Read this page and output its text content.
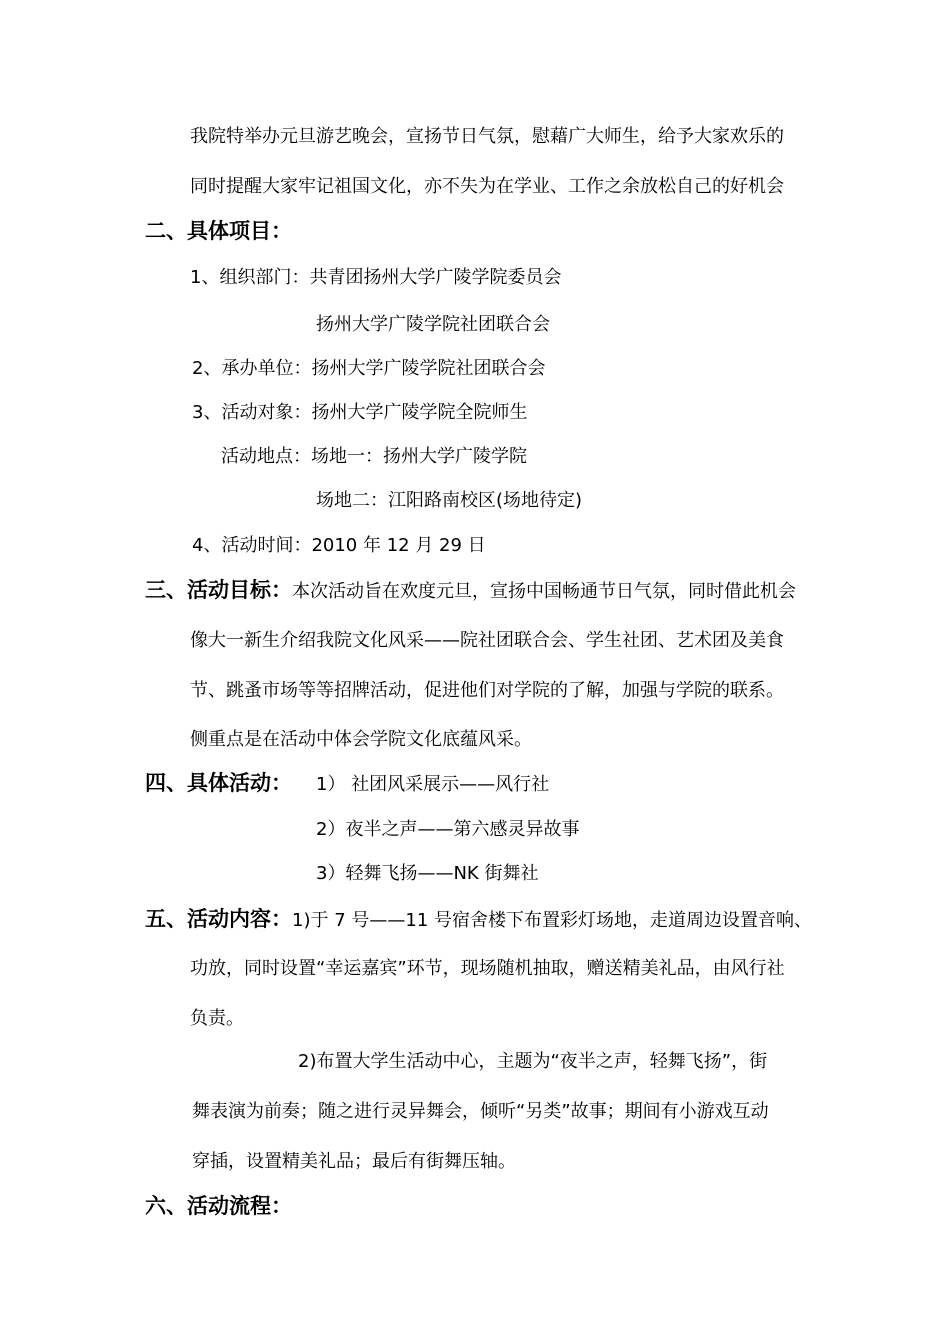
我院特举办元旦游艺晚会，宣扬节日气氛，慰藉广大师生，给予大家欢乐的
同时提醒大家牢记祖国文化，亦不失为在学业、工作之余放松自己的好机会
二、具体项目：
1、组织部门：共青团扬州大学广陵学院委员会
扬州大学广陵学院社团联合会
2、承办单位：扬州大学广陵学院社团联合会
3、活动对象：扬州大学广陵学院全院师生
活动地点：场地一：扬州大学广陵学院
场地二：江阳路南校区(场地待定)
4、活动时间：2010 年 12 月 29 日
三、活动目标：本次活动旨在欢度元旦，宣扬中国畅通节日气氛，同时借此机会
像大一新生介绍我院文化风采——院社团联合会、学生社团、艺术团及美食
节、跳蚤市场等等招牌活动，促进他们对学院的了解，加强与学院的联系。
侧重点是在活动中体会学院文化底蕴风采。
四、具体活动： 1） 社团风采展示——风行社
2）夜半之声——第六感灵异故事
3）轻舞飞扬——NK 街舞社
五、活动内容：1)于 7 号——11 号宿舍楼下布置彩灯场地，走道周边设置音响、
功放，同时设置“幸运嘉宾”环节，现场随机抽取，赠送精美礼品，由风行社
负责。
2)布置大学生活动中心，主题为“夜半之声，轻舞飞扬”，街
舞表演为前奏；随之进行灵异舞会，倾听“另类”故事；期间有小游戏互动
穿插，设置精美礼品；最后有街舞压轴。
六、活动流程：
